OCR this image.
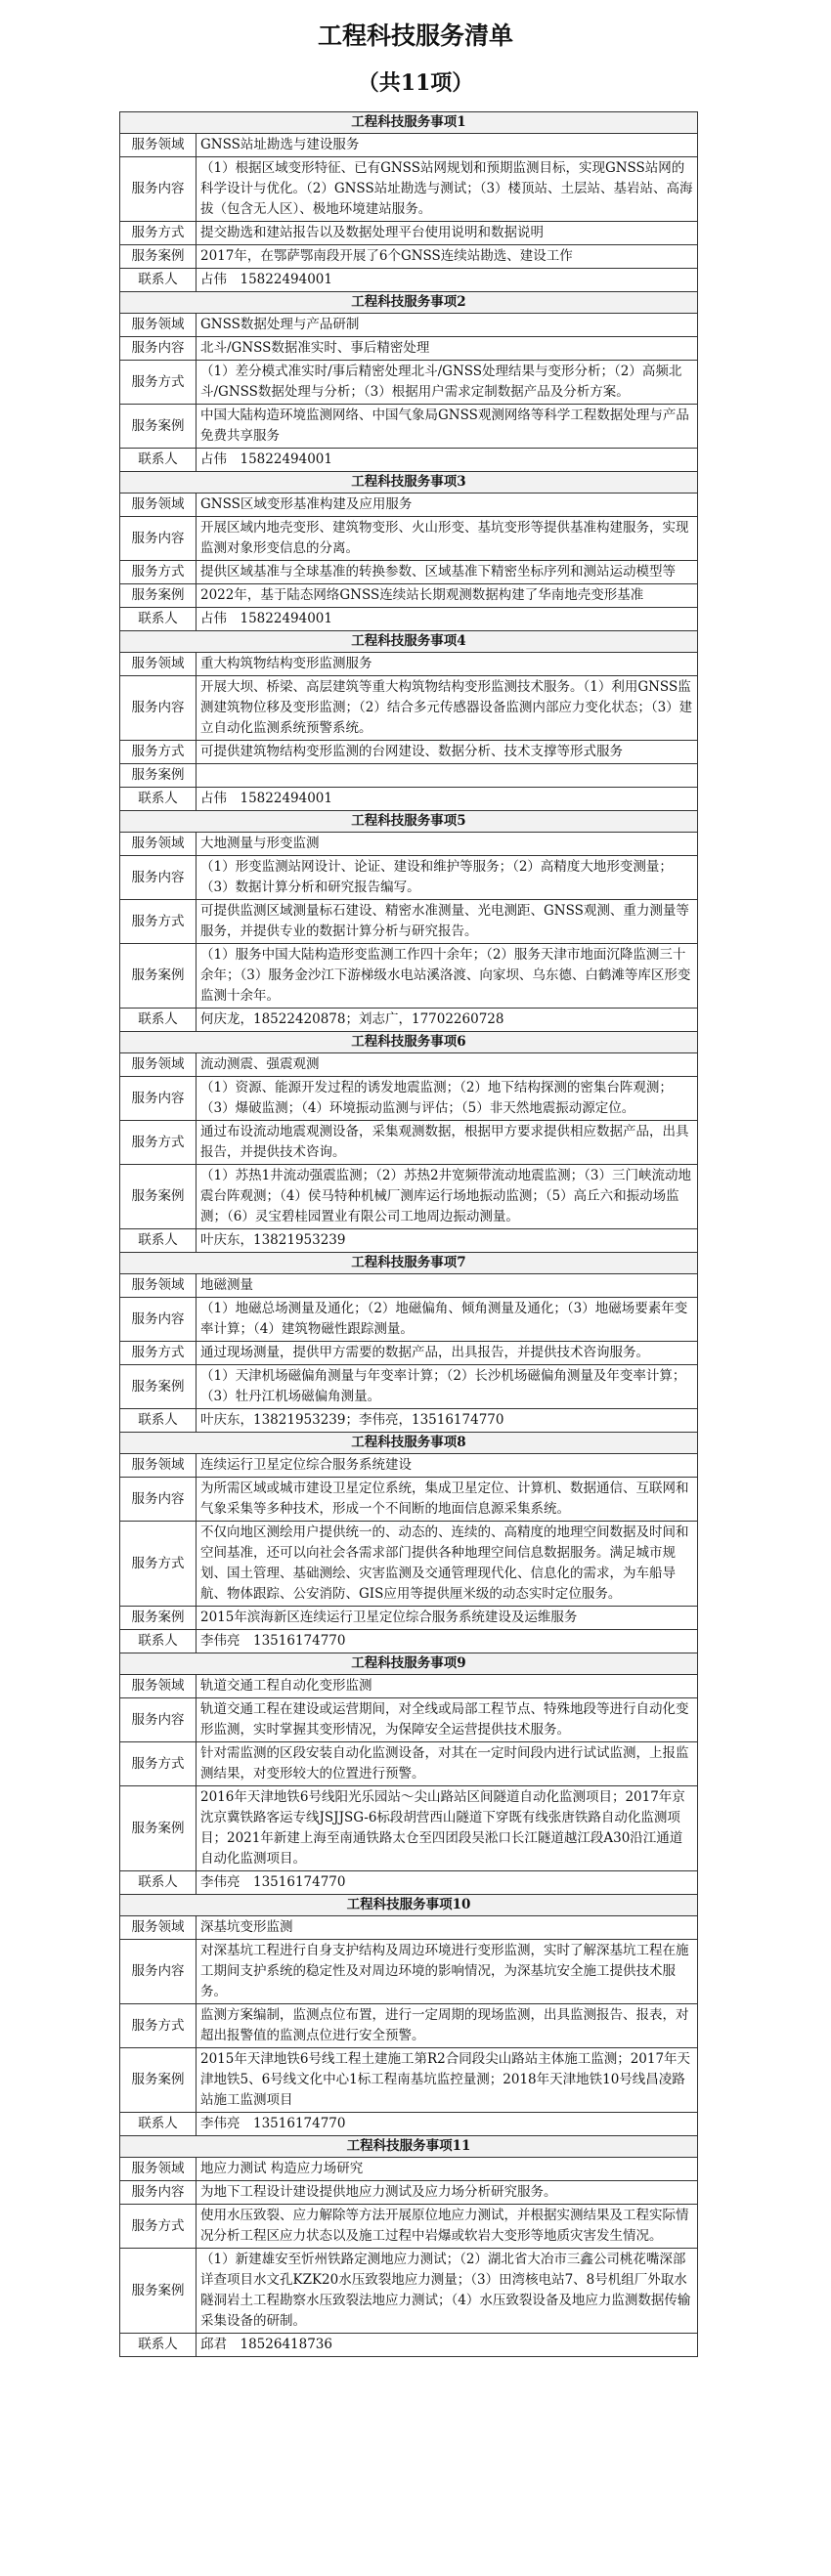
工程科技服务清单
（共11项）
工程科技服务事项1	
服务领域	GNSS站址勘选与建设服务
服务内容	（1）根据区域变形特征、已有GNSS站网规划和预期监测目标，实现GNSS站网的科学设计与优化。（2）GNSS站址勘选与测试；（3）楼顶站、土层站、基岩站、高海拔（包含无人区）、极地环境建站服务。
服务方式	提交勘选和建站报告以及数据处理平台使用说明和数据说明
服务案例	2017年，在鄂萨鄂南段开展了6个GNSS连续站勘选、建设工作
联系人	占伟　15822494001
工程科技服务事项2	
服务领域	GNSS数据处理与产品研制
服务内容	北斗/GNSS数据准实时、事后精密处理
服务方式	（1）差分模式准实时/事后精密处理北斗/GNSS处理结果与变形分析；（2）高频北斗/GNSS数据处理与分析；（3）根据用户需求定制数据产品及分析方案。
服务案例	中国大陆构造环境监测网络、中国气象局GNSS观测网络等科学工程数据处理与产品免费共享服务
联系人	占伟　15822494001
工程科技服务事项3	
服务领域	GNSS区域变形基准构建及应用服务
服务内容	开展区域内地壳变形、建筑物变形、火山形变、基坑变形等提供基准构建服务，实现监测对象形变信息的分离。
服务方式	提供区域基准与全球基准的转换参数、区域基准下精密坐标序列和测站运动模型等
服务案例	2022年，基于陆态网络GNSS连续站长期观测数据构建了华南地壳变形基准
联系人	占伟　15822494001
工程科技服务事项4	
服务领域	重大构筑物结构变形监测服务
服务内容	开展大坝、桥梁、高层建筑等重大构筑物结构变形监测技术服务。（1）利用GNSS监测建筑物位移及变形监测；（2）结合多元传感器设备监测内部应力变化状态；（3）建立自动化监测系统预警系统。
服务方式	可提供建筑物结构变形监测的台网建设、数据分析、技术支撑等形式服务
服务案例	
联系人	占伟　15822494001
工程科技服务事项5	
服务领域	大地测量与形变监测
服务内容	（1）形变监测站网设计、论证、建设和维护等服务；（2）高精度大地形变测量；（3）数据计算分析和研究报告编写。
服务方式	可提供监测区域测量标石建设、精密水准测量、光电测距、GNSS观测、重力测量等服务，并提供专业的数据计算分析与研究报告。
服务案例	（1）服务中国大陆构造形变监测工作四十余年；（2）服务天津市地面沉降监测三十余年；（3）服务金沙江下游梯级水电站溪洛渡、向家坝、乌东德、白鹤滩等库区形变监测十余年。
联系人	何庆龙，18522420878；刘志广，17702260728
工程科技服务事项6	
服务领域	流动测震、强震观测
服务内容	（1）资源、能源开发过程的诱发地震监测；（2）地下结构探测的密集台阵观测；（3）爆破监测；（4）环境振动监测与评估；（5）非天然地震振动源定位。
服务方式	通过布设流动地震观测设备，采集观测数据，根据甲方要求提供相应数据产品，出具报告，并提供技术咨询。
服务案例	（1）苏热1井流动强震监测；（2）苏热2井宽频带流动地震监测；（3）三门峡流动地震台阵观测；（4）侯马特种机械厂测库运行场地振动监测；（5）高丘六和振动场监测；（6）灵宝碧桂园置业有限公司工地周边振动测量。
联系人	叶庆东，13821953239
工程科技服务事项7	
服务领域	地磁测量
服务内容	（1）地磁总场测量及通化；（2）地磁偏角、倾角测量及通化；（3）地磁场要素年变率计算；（4）建筑物磁性跟踪测量。
服务方式	通过现场测量，提供甲方需要的数据产品，出具报告，并提供技术咨询服务。
服务案例	（1）天津机场磁偏角测量与年变率计算；（2）长沙机场磁偏角测量及年变率计算；（3）牡丹江机场磁偏角测量。
联系人	叶庆东，13821953239；李伟亮，13516174770
工程科技服务事项8	
服务领域	连续运行卫星定位综合服务系统建设
服务内容	为所需区域或城市建设卫星定位系统，集成卫星定位、计算机、数据通信、互联网和气象采集等多种技术，形成一个不间断的地面信息源采集系统。
服务方式	不仅向地区测绘用户提供统一的、动态的、连续的、高精度的地理空间数据及时间和空间基准，还可以向社会各需求部门提供各种地理空间信息数据服务。满足城市规划、国土管理、基础测绘、灾害监测及交通管理现代化、信息化的需求，为车船导航、物体跟踪、公安消防、GIS应用等提供厘米级的动态实时定位服务。
服务案例	2015年滨海新区连续运行卫星定位综合服务系统建设及运维服务
联系人	李伟亮　13516174770
工程科技服务事项9	
服务领域	轨道交通工程自动化变形监测
服务内容	轨道交通工程在建设或运营期间，对全线或局部工程节点、特殊地段等进行自动化变形监测，实时掌握其变形情况，为保障安全运营提供技术服务。
服务方式	针对需监测的区段安装自动化监测设备，对其在一定时间段内进行试试监测，上报监测结果，对变形较大的位置进行预警。
服务案例	2016年天津地铁6号线阳光乐园站～尖山路站区间隧道自动化监测项目；2017年京沈京冀铁路客运专线JSJJSG-6标段胡营西山隧道下穿既有线张唐铁路自动化监测项目；2021年新建上海至南通铁路太仓至四团段吴淞口长江隧道越江段A30沿江通道自动化监测项目。
联系人	李伟亮　13516174770
工程科技服务事项10	
服务领域	深基坑变形监测
服务内容	对深基坑工程进行自身支护结构及周边环境进行变形监测，实时了解深基坑工程在施工期间支护系统的稳定性及对周边环境的影响情况，为深基坑安全施工提供技术服务。
服务方式	监测方案编制，监测点位布置，进行一定周期的现场监测，出具监测报告、报表，对超出报警值的监测点位进行安全预警。
服务案例	2015年天津地铁6号线工程土建施工第R2合同段尖山路站主体施工监测；2017年天津地铁5、6号线文化中心1标工程南基坑监控量测；2018年天津地铁10号线昌凌路站施工监测项目
联系人	李伟亮　13516174770
工程科技服务事项11	
服务领域	地应力测试 构造应力场研究
服务内容	为地下工程设计建设提供地应力测试及应力场分析研究服务。
服务方式	使用水压致裂、应力解除等方法开展原位地应力测试，并根据实测结果及工程实际情况分析工程区应力状态以及施工过程中岩爆或软岩大变形等地质灾害发生情况。
服务案例	（1）新建雄安至忻州铁路定测地应力测试；（2）湖北省大冶市三鑫公司桃花嘴深部详查项目水文孔KZK20水压致裂地应力测量；（3）田湾核电站7、8号机组厂外取水隧洞岩土工程勘察水压致裂法地应力测试；（4）水压致裂设备及地应力监测数据传输采集设备的研制。
联系人	邱君　18526418736
